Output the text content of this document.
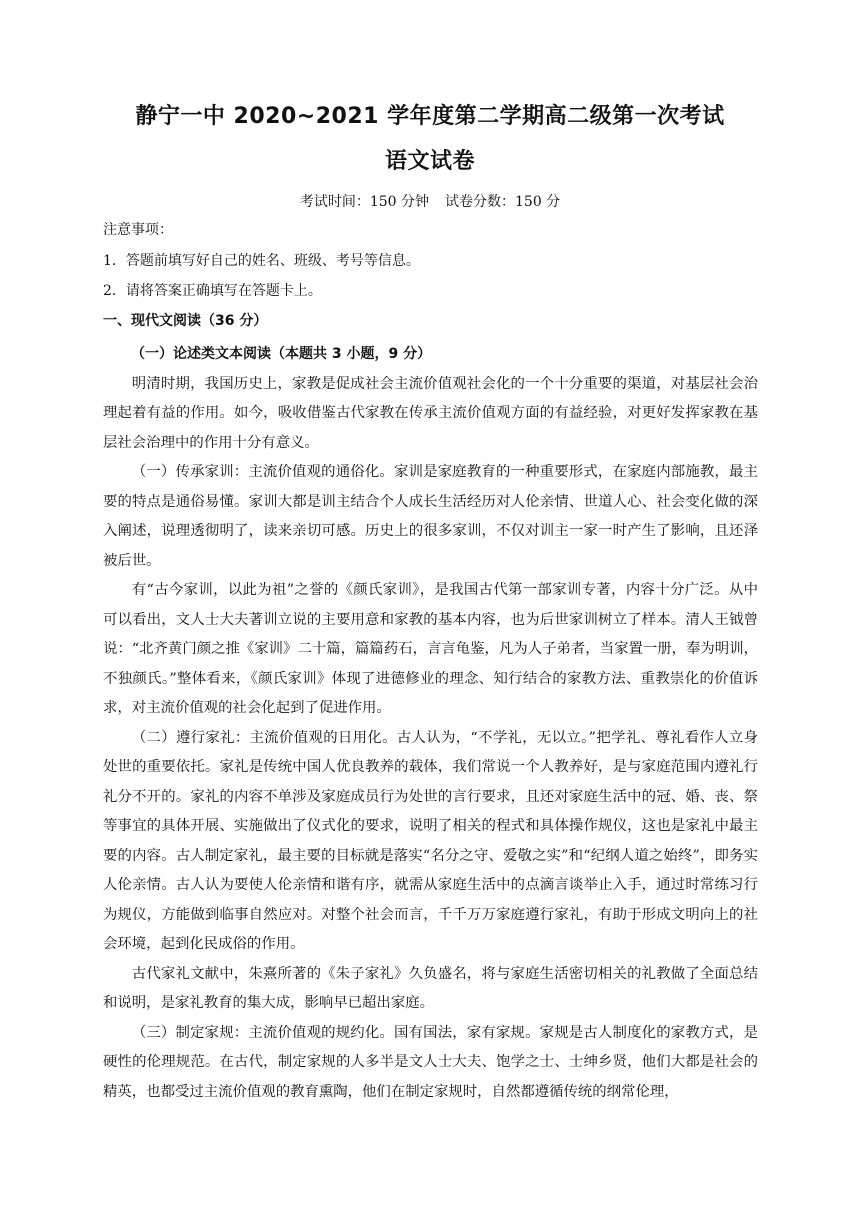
静宁一中 2020~2021 学年度第二学期高二级第一次考试
语文试卷
考试时间：150 分钟 试卷分数：150 分
注意事项：
1．答题前填写好自己的姓名、班级、考号等信息。
2．请将答案正确填写在答题卡上。
一、现代文阅读（36 分）

（一）论述类文本阅读（本题共 3 小题，9 分）

明清时期，我国历史上，家教是促成社会主流价值观社会化的一个十分重要的渠道，对基层社会治理起着有益的作用。如今，吸收借鉴古代家教在传承主流价值观方面的有益经验，对更好发挥家教在基层社会治理中的作用十分有意义。

（一）传承家训：主流价值观的通俗化。家训是家庭教育的一种重要形式，在家庭内部施教，最主要的特点是通俗易懂。家训大都是训主结合个人成长生活经历对人伦亲情、世道人心、社会变化做的深入阐述，说理透彻明了，读来亲切可感。历史上的很多家训，不仅对训主一家一时产生了影响，且还泽被后世。

有“古今家训，以此为祖”之誉的《颜氏家训》，是我国古代第一部家训专著，内容十分广泛。从中可以看出，文人士大夫著训立说的主要用意和家教的基本内容，也为后世家训树立了样本。清人王钺曾说：“北齐黄门颜之推《家训》二十篇，篇篇药石，言言龟鉴，凡为人子弟者，当家置一册，奉为明训，不独颜氏。”整体看来，《颜氏家训》体现了进德修业的理念、知行结合的家教方法、重教崇化的价值诉求，对主流价值观的社会化起到了促进作用。

（二）遵行家礼：主流价值观的日用化。古人认为，“不学礼，无以立。”把学礼、尊礼看作人立身处世的重要依托。家礼是传统中国人优良教养的载体，我们常说一个人教养好，是与家庭范围内遵礼行礼分不开的。家礼的内容不单涉及家庭成员行为处世的言行要求，且还对家庭生活中的冠、婚、丧、祭等事宜的具体开展、实施做出了仪式化的要求，说明了相关的程式和具体操作规仪，这也是家礼中最主要的内容。古人制定家礼，最主要的目标就是落实“名分之守、爱敬之实”和“纪纲人道之始终”，即务实人伦亲情。古人认为要使人伦亲情和谐有序，就需从家庭生活中的点滴言谈举止入手，通过时常练习行为规仪，方能做到临事自然应对。对整个社会而言，千千万万家庭遵行家礼，有助于形成文明向上的社会环境，起到化民成俗的作用。

古代家礼文献中，朱熹所著的《朱子家礼》久负盛名，将与家庭生活密切相关的礼教做了全面总结和说明，是家礼教育的集大成，影响早已超出家庭。

（三）制定家规：主流价值观的规约化。国有国法，家有家规。家规是古人制度化的家教方式，是硬性的伦理规范。在古代，制定家规的人多半是文人士大夫、饱学之士、士绅乡贤，他们大都是社会的精英，也都受过主流价值观的教育熏陶，他们在制定家规时，自然都遵循传统的纲常伦理，
